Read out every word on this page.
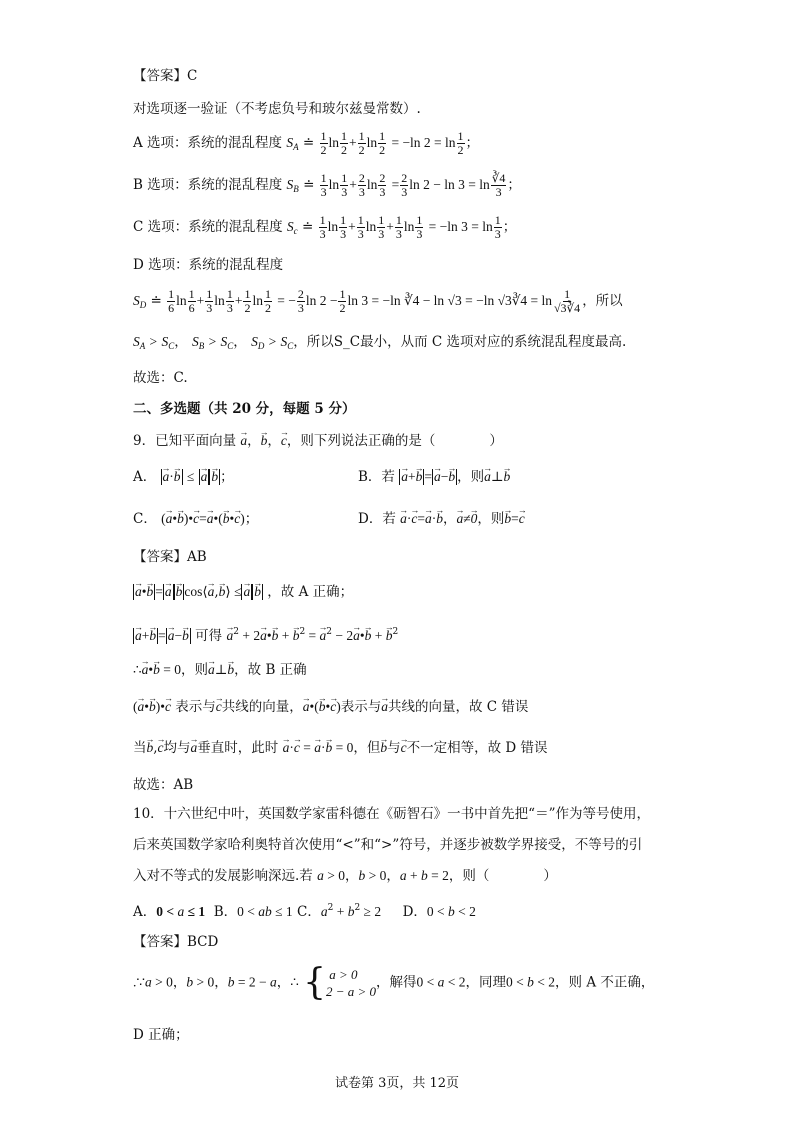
【答案】C
对选项逐一验证（不考虑负号和玻尔兹曼常数）.
A 选项：系统的混乱程度 $S_A$ ≐ $\frac{1}{2}$ $\ln \frac{1}{2} + \frac{1}{2}$ $\ln \frac{1}{2} = -\ln$ $2 = \ln \frac{1}{2}$ ；
B 选项：系统的混乱程度 $S_B$ ≐ $\frac{1}{3}$ $\ln \frac{1}{3} + \frac{2}{3}$ $\ln \frac{2}{3} = \frac{2}{3}$ $\ln 2 - \ln 3 = \ln \frac{∛4}{3}$ ；
C 选项：系统的混乱程度 $S_c$ ≐ $\frac{1}{3}$ $\ln \frac{1}{3} + \frac{1}{3}$ $\ln \frac{1}{3} + \frac{1}{3}$ $\ln \frac{1}{3} = -\ln$ $3 = \ln \frac{1}{3}$ ；
D 选项：系统的混乱程度
$S_D$ ≐ $\frac{1}{6}$ $\ln \frac{1}{6} + \frac{1}{3}$ $\ln \frac{1}{3} + \frac{1}{2}$ $\ln \frac{1}{2}$ = − $\frac{2}{3}$ $\ln 2 - \frac{1}{2}$ ln 3 = −ln ∛4 − ln √3 = −ln √3∛4 = $\ln \frac{1}{√3∛4}$ ，所以
$S_A > S_C$， $S_B > S_C$， $S_D > S_C$，所以S_C最小，从而 C 选项对应的系统混乱程度最高.
故选：C.
二、多选题（共 20 分，每题 5 分）
9．已知平面向量 → a，→ b，→ c，则下列说法正确的是（　　　　）
A． → a·→ b ≤ → a → b ；	B．若 → a+→ b = → a−→ b ，则→ a⊥→ b
C． (→ a•→ b)•→ c=→ a•(→ b•→ c)；	D．若 → a·→ c=→ a·→ b，→ a≠→ 0，则→ b=→ c
【答案】AB
→ a•→ b = → a → b cos⟨→ a,→ b⟩ ≤ → a → b ，故 A 正确；
→ a+→ b = → a−→ b 可得 → $a^2 + 2\to$ a•→ b + → $b^2$ = → $a^2 - 2\to$ a•→ b + → $b^2$
∴→ a•→ b = 0，则→ a⊥→ b，故 B 正确
(→ a•→ b)•→ c 表示与→ c共线的向量，→ a•(→ b•→ c)表示与→ a共线的向量，故 C 错误
当→ b,→ c均与→ a垂直时，此时 → a·→ c = → a·→ b = 0，但→ b与→ c不一定相等，故 D 错误
故选：AB
10．十六世纪中叶，英国数学家雷科德在《砺智石》一书中首先把“＝”作为等号使用，
后来英国数学家哈利奥特首次使用“<”和“>”符号，并逐步被数学界接受，不等号的引
入对不等式的发展影响深远.若 a > 0，b > 0，a + b = 2，则（　　　　）
A．0 < a ≤ 1 B．0 < ab ≤ 1 C．$a^2 + b^2 \ge 2$ D．0 < b < 2
【答案】BCD
.∵a > 0，b > 0，b = 2 − a，∴ { a > 0
2 − a > 0
，解得0 < a < 2，同理0 < b < 2，则 A 不正确，
D 正确；
试卷第 3页，共 12页
